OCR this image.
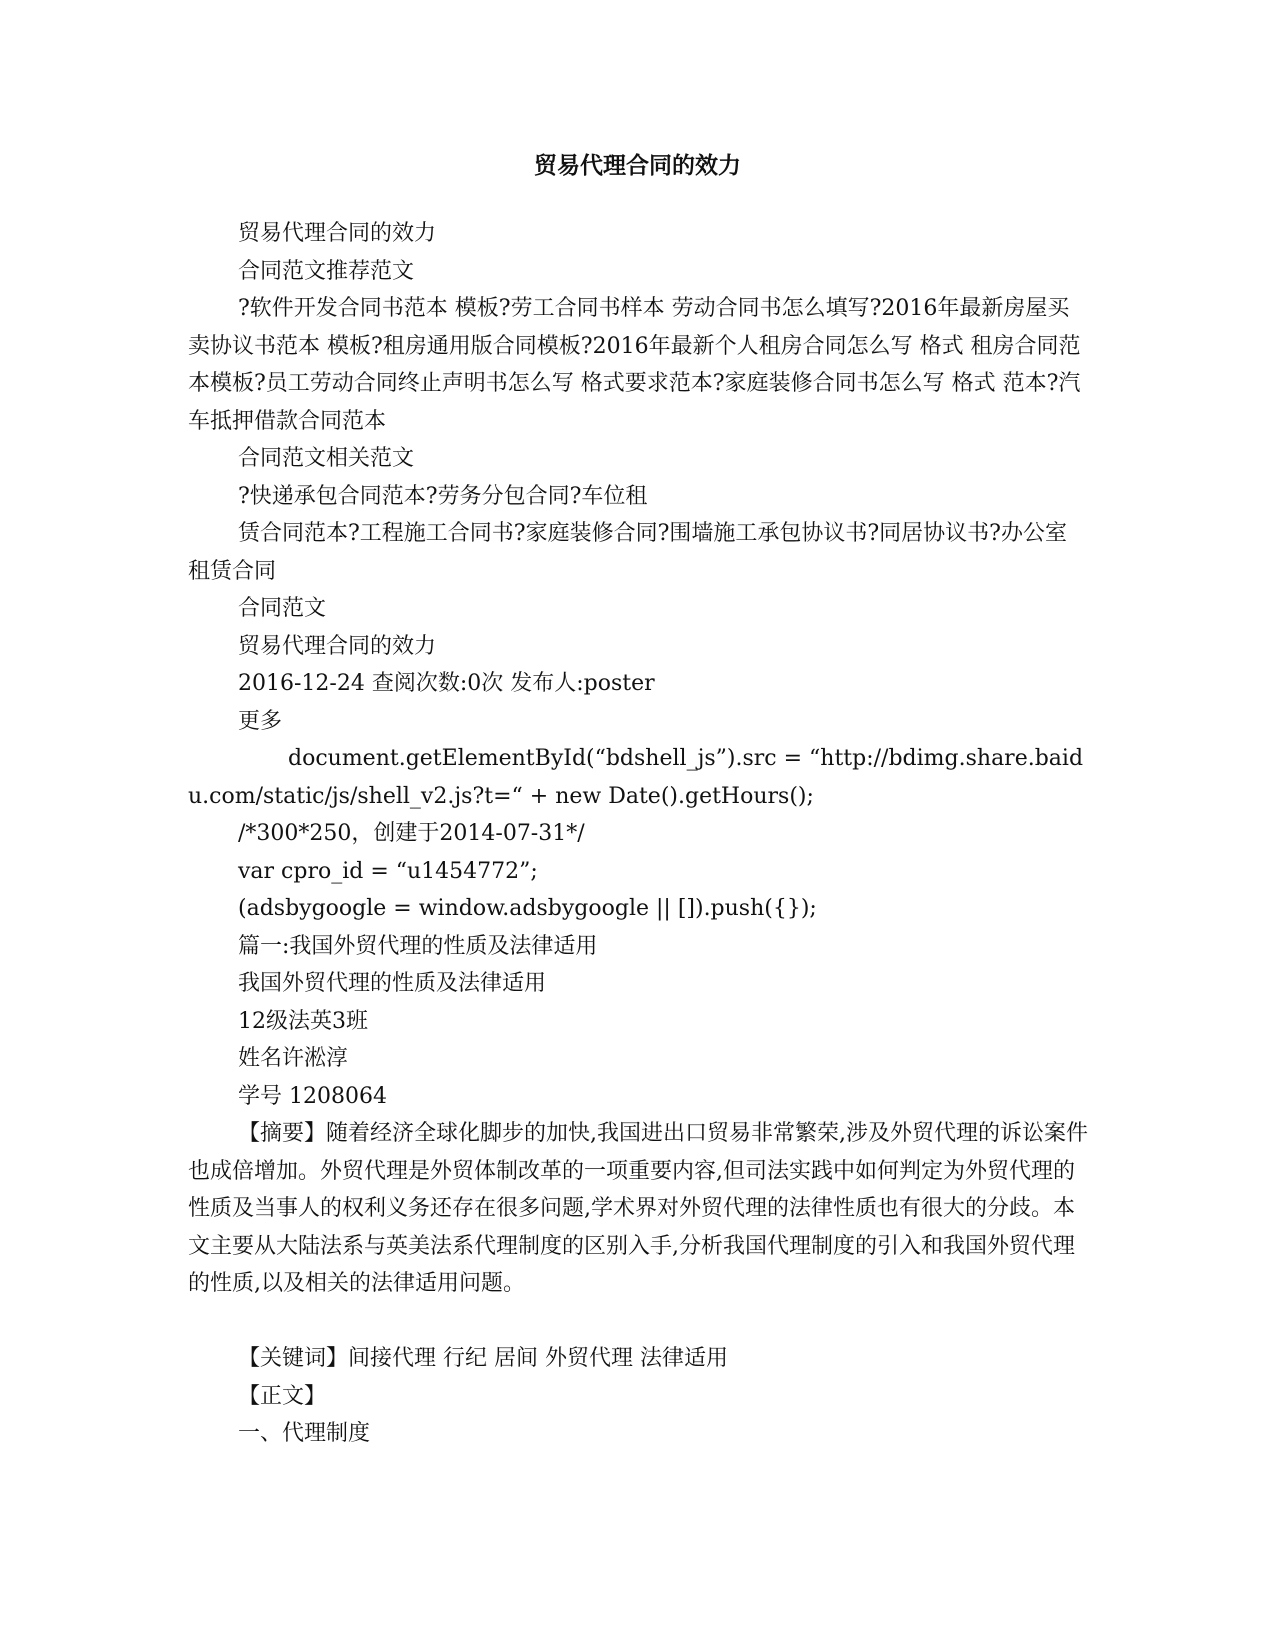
贸易代理合同的效力

贸易代理合同的效力

合同范文推荐范文

?软件开发合同书范本 模板?劳工合同书样本 劳动合同书怎么填写?2016年最新房屋买卖协议书范本 模板?租房通用版合同模板?2016年最新个人租房合同怎么写 格式 租房合同范本模板?员工劳动合同终止声明书怎么写 格式要求范本?家庭装修合同书怎么写 格式 范本?汽车抵押借款合同范本

合同范文相关范文

?快递承包合同范本?劳务分包合同?车位租

赁合同范本?工程施工合同书?家庭装修合同?围墙施工承包协议书?同居协议书?办公室租赁合同

合同范文

贸易代理合同的效力

2016-12-24 查阅次数:0次 发布人:poster

更多

document.getElementById(“bdshell_js”).src = “http://bdimg.share.baidu.com/static/js/shell_v2.js?t=“ + new Date().getHours();

/*300*250，创建于2014-07-31*/

var cpro_id = “u1454772”;

(adsbygoogle = window.adsbygoogle || []).push({});

篇一:我国外贸代理的性质及法律适用

我国外贸代理的性质及法律适用

12级法英3班

姓名许淞淳

学号 1208064

【摘要】随着经济全球化脚步的加快,我国进出口贸易非常繁荣,涉及外贸代理的诉讼案件也成倍增加。外贸代理是外贸体制改革的一项重要内容,但司法实践中如何判定为外贸代理的性质及当事人的权利义务还存在很多问题,学术界对外贸代理的法律性质也有很大的分歧。本文主要从大陆法系与英美法系代理制度的区别入手,分析我国代理制度的引入和我国外贸代理的性质,以及相关的法律适用问题。

【关键词】间接代理 行纪 居间 外贸代理 法律适用

【正文】

一、代理制度
